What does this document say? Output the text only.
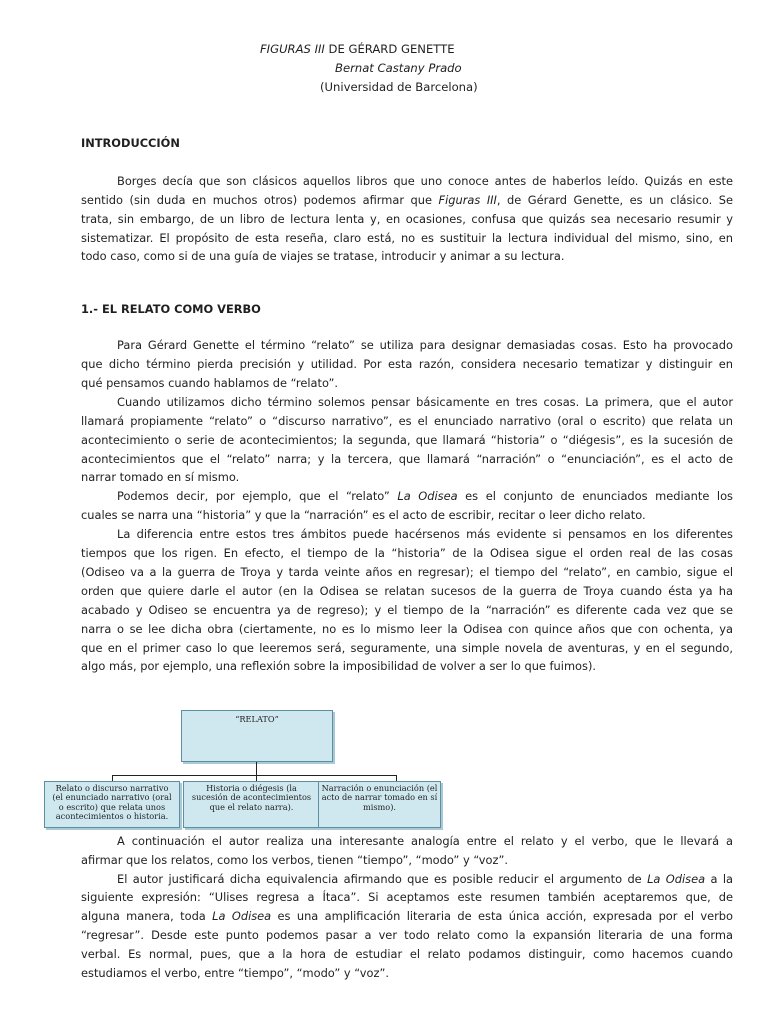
FIGURAS III DE GÉRARD GENETTE
Bernat Castany Prado
(Universidad de Barcelona)
INTRODUCCIÓN
Borges decía que son clásicos aquellos libros que uno conoce antes de haberlos leído. Quizás en este
sentido (sin duda en muchos otros) podemos afirmar que Figuras III, de Gérard Genette, es un clásico. Se
trata, sin embargo, de un libro de lectura lenta y, en ocasiones, confusa que quizás sea necesario resumir y
sistematizar. El propósito de esta reseña, claro está, no es sustituir la lectura individual del mismo, sino, en
todo caso, como si de una guía de viajes se tratase, introducir y animar a su lectura.
1.- EL RELATO COMO VERBO
Para Gérard Genette el término “relato” se utiliza para designar demasiadas cosas. Esto ha provocado
que dicho término pierda precisión y utilidad. Por esta razón, considera necesario tematizar y distinguir en
qué pensamos cuando hablamos de “relato”.
Cuando utilizamos dicho término solemos pensar básicamente en tres cosas. La primera, que el autor
llamará propiamente “relato” o “discurso narrativo”, es el enunciado narrativo (oral o escrito) que relata un
acontecimiento o serie de acontecimientos; la segunda, que llamará “historia” o “diégesis”, es la sucesión de
acontecimientos que el “relato” narra; y la tercera, que llamará “narración” o “enunciación”, es el acto de
narrar tomado en sí mismo.
Podemos decir, por ejemplo, que el “relato” La Odisea es el conjunto de enunciados mediante los
cuales se narra una “historia” y que la “narración” es el acto de escribir, recitar o leer dicho relato.
La diferencia entre estos tres ámbitos puede hacérsenos más evidente si pensamos en los diferentes
tiempos que los rigen. En efecto, el tiempo de la “historia” de la Odisea sigue el orden real de las cosas
(Odiseo va a la guerra de Troya y tarda veinte años en regresar); el tiempo del “relato”, en cambio, sigue el
orden que quiere darle el autor (en la Odisea se relatan sucesos de la guerra de Troya cuando ésta ya ha
acabado y Odiseo se encuentra ya de regreso); y el tiempo de la “narración” es diferente cada vez que se
narra o se lee dicha obra (ciertamente, no es lo mismo leer la Odisea con quince años que con ochenta, ya
que en el primer caso lo que leeremos será, seguramente, una simple novela de aventuras, y en el segundo,
algo más, por ejemplo, una reflexión sobre la imposibilidad de volver a ser lo que fuimos).
“RELATO”
Relato o discurso narrativo
(el enunciado narrativo (oral
o escrito) que relata unos
acontecimientos o historia.
Historia o diégesis (la
sucesión de acontecimientos
que el relato narra).
Narración o enunciación (el
acto de narrar tomado en sí
mismo).
A continuación el autor realiza una interesante analogía entre el relato y el verbo, que le llevará a
afirmar que los relatos, como los verbos, tienen “tiempo”, “modo” y “voz”.
El autor justificará dicha equivalencia afirmando que es posible reducir el argumento de La Odisea a la
siguiente expresión: “Ulises regresa a Ítaca”. Si aceptamos este resumen también aceptaremos que, de
alguna manera, toda La Odisea es una amplificación literaria de esta única acción, expresada por el verbo
“regresar”. Desde este punto podemos pasar a ver todo relato como la expansión literaria de una forma
verbal. Es normal, pues, que a la hora de estudiar el relato podamos distinguir, como hacemos cuando
estudiamos el verbo, entre “tiempo”, “modo” y “voz”.
